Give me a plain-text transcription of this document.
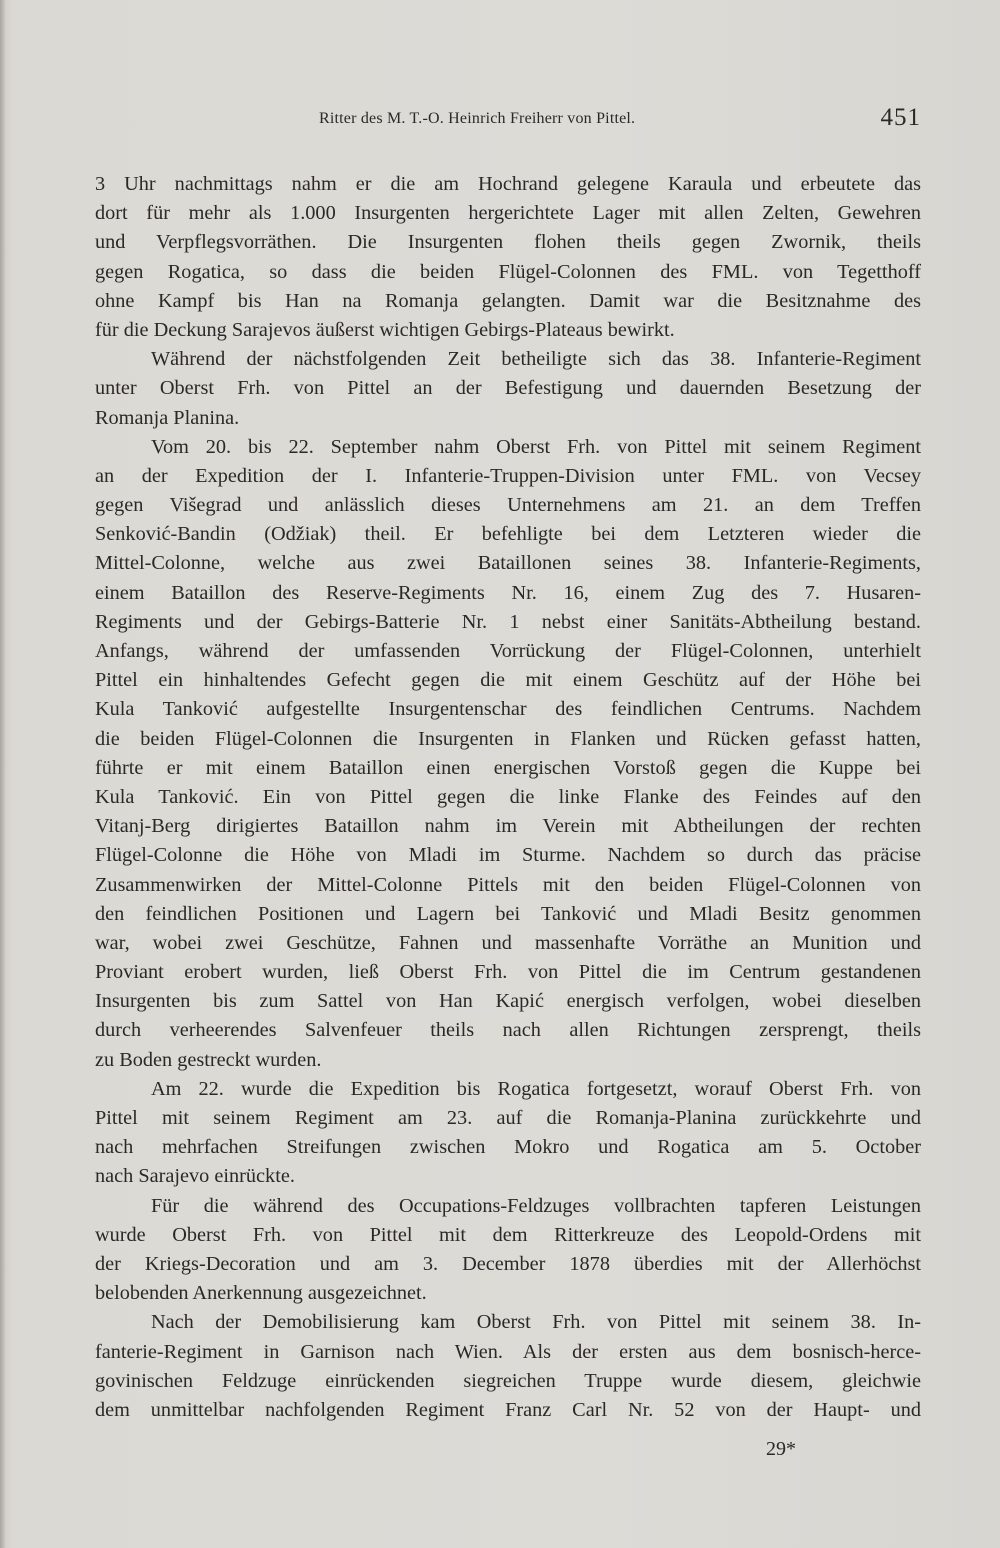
Ritter des M. T.-O. Heinrich Freiherr von Pittel.	451
3 Uhr nachmittags nahm er die am Hochrand gelegene Karaula und erbeutete das
dort für mehr als 1.000 Insurgenten hergerichtete Lager mit allen Zelten, Gewehren
und Verpflegsvorräthen. Die Insurgenten flohen theils gegen Zwornik, theils
gegen Rogatica, so dass die beiden Flügel-Colonnen des FML. von Tegetthoff
ohne Kampf bis Han na Romanja gelangten. Damit war die Besitznahme des
für die Deckung Sarajevos äußerst wichtigen Gebirgs-Plateaus bewirkt.
Während der nächstfolgenden Zeit betheiligte sich das 38. Infanterie-Regiment
unter Oberst Frh. von Pittel an der Befestigung und dauernden Besetzung der
Romanja Planina.
Vom 20. bis 22. September nahm Oberst Frh. von Pittel mit seinem Regiment
an der Expedition der I. Infanterie-Truppen-Division unter FML. von Vecsey
gegen Višegrad und anlässlich dieses Unternehmens am 21. an dem Treffen
Senković-Bandin (Odžiak) theil. Er befehligte bei dem Letzteren wieder die
Mittel-Colonne, welche aus zwei Bataillonen seines 38. Infanterie-Regiments,
einem Bataillon des Reserve-Regiments Nr. 16, einem Zug des 7. Husaren-
Regiments und der Gebirgs-Batterie Nr. 1 nebst einer Sanitäts-Abtheilung bestand.
Anfangs, während der umfassenden Vorrückung der Flügel-Colonnen, unterhielt
Pittel ein hinhaltendes Gefecht gegen die mit einem Geschütz auf der Höhe bei
Kula Tanković aufgestellte Insurgentenschar des feindlichen Centrums. Nachdem
die beiden Flügel-Colonnen die Insurgenten in Flanken und Rücken gefasst hatten,
führte er mit einem Bataillon einen energischen Vorstoß gegen die Kuppe bei
Kula Tanković. Ein von Pittel gegen die linke Flanke des Feindes auf den
Vitanj-Berg dirigiertes Bataillon nahm im Verein mit Abtheilungen der rechten
Flügel-Colonne die Höhe von Mladi im Sturme. Nachdem so durch das präcise
Zusammenwirken der Mittel-Colonne Pittels mit den beiden Flügel-Colonnen von
den feindlichen Positionen und Lagern bei Tanković und Mladi Besitz genommen
war, wobei zwei Geschütze, Fahnen und massenhafte Vorräthe an Munition und
Proviant erobert wurden, ließ Oberst Frh. von Pittel die im Centrum gestandenen
Insurgenten bis zum Sattel von Han Kapić energisch verfolgen, wobei dieselben
durch verheerendes Salvenfeuer theils nach allen Richtungen zersprengt, theils
zu Boden gestreckt wurden.
Am 22. wurde die Expedition bis Rogatica fortgesetzt, worauf Oberst Frh. von
Pittel mit seinem Regiment am 23. auf die Romanja-Planina zurückkehrte und
nach mehrfachen Streifungen zwischen Mokro und Rogatica am 5. October
nach Sarajevo einrückte.
Für die während des Occupations-Feldzuges vollbrachten tapferen Leistungen
wurde Oberst Frh. von Pittel mit dem Ritterkreuze des Leopold-Ordens mit
der Kriegs-Decoration und am 3. December 1878 überdies mit der Allerhöchst
belobenden Anerkennung ausgezeichnet.
Nach der Demobilisierung kam Oberst Frh. von Pittel mit seinem 38. In-
fanterie-Regiment in Garnison nach Wien. Als der ersten aus dem bosnisch-herce-
govinischen Feldzuge einrückenden siegreichen Truppe wurde diesem, gleichwie
dem unmittelbar nachfolgenden Regiment Franz Carl Nr. 52 von der Haupt- und
29*
